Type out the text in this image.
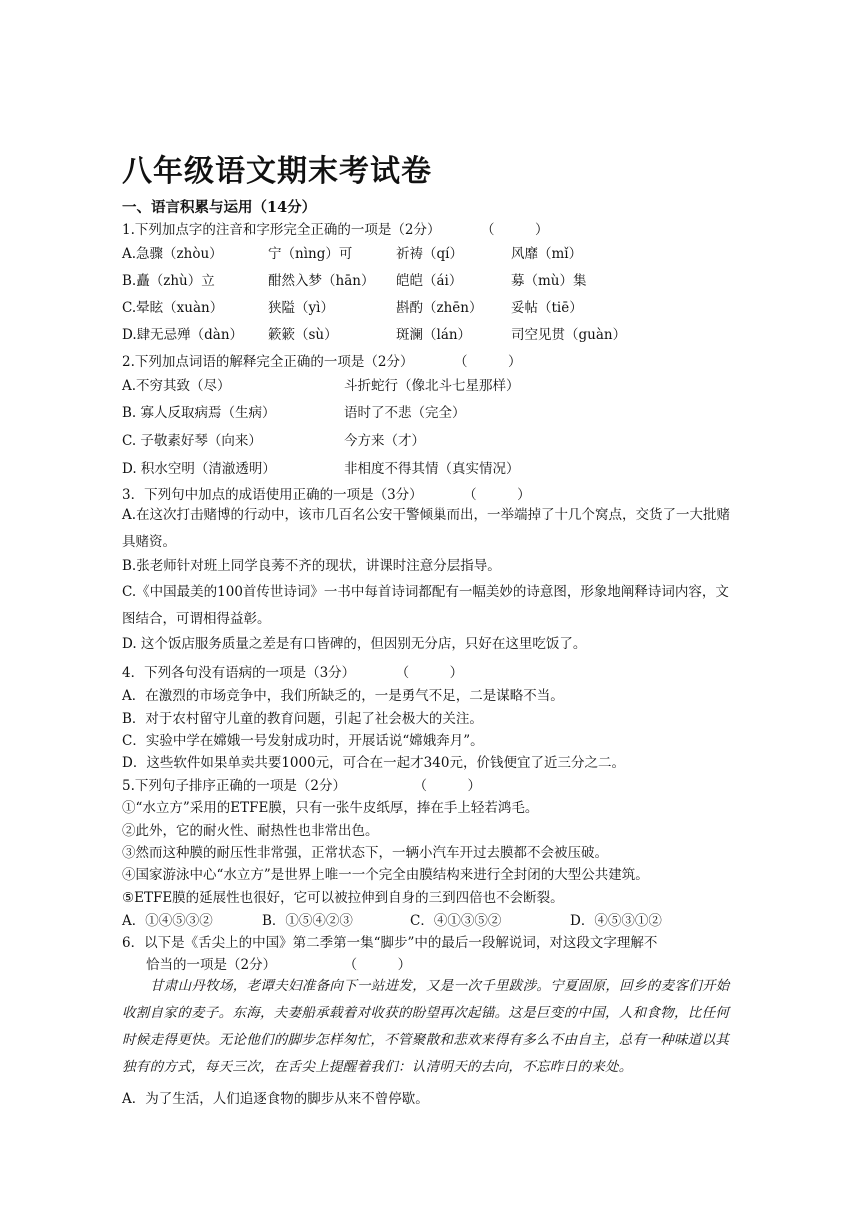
八年级语文期末考试卷
一、语言积累与运用（14分）
1.下列加点字的注音和字形完全正确的一项是（2分）　　　　（　　　）
A.急骤（zhòu）	宁（nìng）可	祈祷（qí）	风靡（mǐ）
B.矗（zhù）立	酣然入梦（hān） 皑皑（ái）	募（mù）集
C.晕眩（xuàn）	狭隘（yì）	斟酌（zhēn） 妥帖（tiē）
D.肆无忌殚（dàn） 簌簌（sù）	斑澜（lán）	司空见贯（guàn）
2.下列加点词语的解释完全正确的一项是（2分）　　　　（　　　）
A.不穷其致（尽）	斗折蛇行（像北斗七星那样）
B. 寡人反取病焉（生病）	语时了不悲（完全）
C. 子敬素好琴（向来）	今方来（才）
D. 积水空明（清澈透明）	非相度不得其情（真实情况）
3．下列句中加点的成语使用正确的一项是（3分）　　　　（　　　）

A.在这次打击赌博的行动中，该市几百名公安干警倾巢而出，一举端掉了十几个窝点，交货了一大批赌具赌资。

B.张老师针对班上同学良莠不齐的现状，讲课时注意分层指导。

C.《中国最美的100首传世诗词》一书中每首诗词都配有一幅美妙的诗意图，形象地阐释诗词内容，文图结合，可谓相得益彰。

D. 这个饭店服务质量之差是有口皆碑的，但因别无分店，只好在这里吃饭了。
4．下列各句没有语病的一项是（3分）　　　　（　　　）
A．在激烈的市场竞争中，我们所缺乏的，一是勇气不足，二是谋略不当。
B．对于农村留守儿童的教育问题，引起了社会极大的关注。
C．实验中学在嫦娥一号发射成功时，开展话说“嫦娥奔月”。
D．这些软件如果单卖共要1000元，可合在一起才340元，价钱便宜了近三分之二。
5.下列句子排序正确的一项是（2分）　　　　　　（　　　）
①“水立方”采用的ETFE膜，只有一张牛皮纸厚，捧在手上轻若鸿毛。
②此外，它的耐火性、耐热性也非常出色。
③然而这种膜的耐压性非常强，正常状态下，一辆小汽车开过去膜都不会被压破。
④国家游泳中心“水立方”是世界上唯一一个完全由膜结构来进行全封闭的大型公共建筑。
⑤ETFE膜的延展性也很好，它可以被拉伸到自身的三到四倍也不会断裂。
A．①④⑤③②	B．①⑤④②③	C．④①③⑤②	D．④⑤③①②
6．以下是《舌尖上的中国》第二季第一集“脚步”中的最后一段解说词，对这段文字理解不
恰当的一项是（2分）　　　　　　（　　　）

甘肃山丹牧场，老谭夫妇准备向下一站进发，又是一次千里跋涉。宁夏固原，回乡的麦客们开始收割自家的麦子。东海，夫妻船承载着对收获的盼望再次起锚。这是巨变的中国，人和食物，比任何时候走得更快。无论他们的脚步怎样匆忙，不管聚散和悲欢来得有多么不由自主，总有一种味道以其独有的方式，每天三次，在舌尖上提醒着我们：认清明天的去向，不忘昨日的来处。

A．为了生活，人们追逐食物的脚步从来不曾停歇。
